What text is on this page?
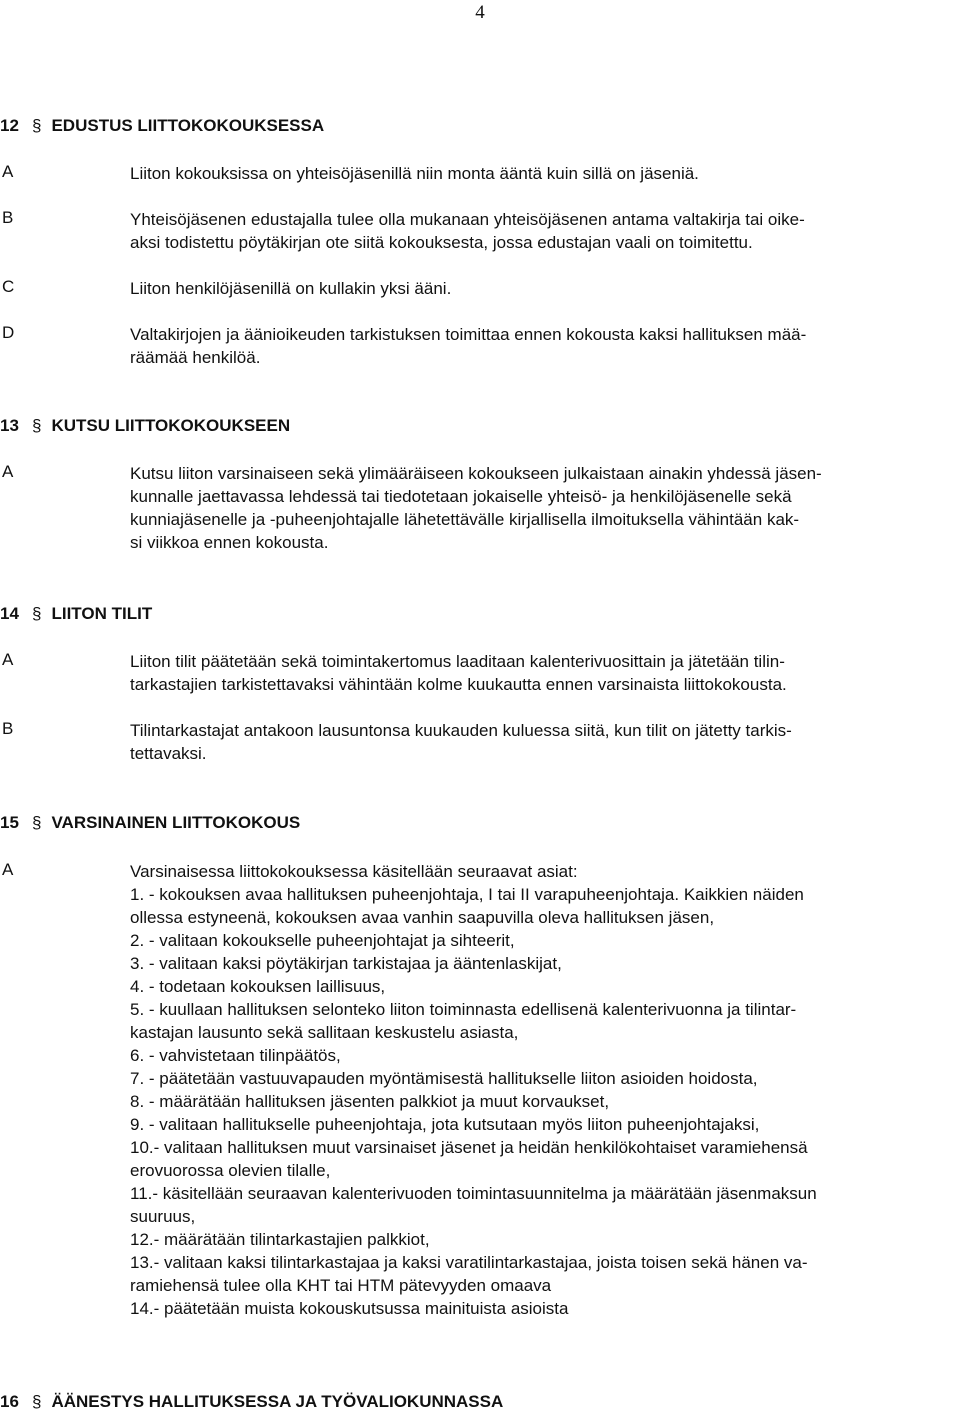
4
12 § EDUSTUS LIITTOKOKOUKSESSA
A	Liiton kokouksissa on yhteisöjäsenillä niin monta ääntä kuin sillä on jäseniä.
B	Yhteisöjäsenen edustajalla tulee olla mukanaan yhteisöjäsenen antama valtakirja tai oike-
aksi todistettu pöytäkirjan ote siitä kokouksesta, jossa edustajan vaali on toimitettu.
C	Liiton henkilöjäsenillä on kullakin yksi ääni.
D	Valtakirjojen ja äänioikeuden tarkistuksen toimittaa ennen kokousta kaksi hallituksen mää-
räämää henkilöä.
13 § KUTSU LIITTOKOKOUKSEEN
A	Kutsu liiton varsinaiseen sekä ylimääräiseen kokoukseen julkaistaan ainakin yhdessä jäsen-
kunnalle jaettavassa lehdessä tai tiedotetaan jokaiselle yhteisö- ja henkilöjäsenelle sekä
kunniajäsenelle ja -puheenjohtajalle lähetettävälle kirjallisella ilmoituksella vähintään kak-
si viikkoa ennen kokousta.
14 § LIITON TILIT
A	Liiton tilit päätetään sekä toimintakertomus laaditaan kalenterivuosittain ja jätetään tilin-
tarkastajien tarkistettavaksi vähintään kolme kuukautta ennen varsinaista liittokokousta.
B	Tilintarkastajat antakoon lausuntonsa kuukauden kuluessa siitä, kun tilit on jätetty tarkis-
tettavaksi.
15 § VARSINAINEN LIITTOKOKOUS
A	Varsinaisessa liittokokouksessa käsitellään seuraavat asiat:
1. - kokouksen avaa hallituksen puheenjohtaja, I tai II varapuheenjohtaja. Kaikkien näiden
ollessa estyneenä, kokouksen avaa vanhin saapuvilla oleva hallituksen jäsen,
2. - valitaan kokoukselle puheenjohtajat ja sihteerit,
3. - valitaan kaksi pöytäkirjan tarkistajaa ja ääntenlaskijat,
4. - todetaan kokouksen laillisuus,
5. - kuullaan hallituksen selonteko liiton toiminnasta edellisenä kalenterivuonna ja tilintar-
kastajan lausunto sekä sallitaan keskustelu asiasta,
6. - vahvistetaan tilinpäätös,
7. - päätetään vastuuvapauden myöntämisestä hallitukselle liiton asioiden hoidosta,
8. - määrätään hallituksen jäsenten palkkiot ja muut korvaukset,
9. - valitaan hallitukselle puheenjohtaja, jota kutsutaan myös liiton puheenjohtajaksi,
10.- valitaan hallituksen muut varsinaiset jäsenet ja heidän henkilökohtaiset varamiehensä
erovuorossa olevien tilalle,
11.- käsitellään seuraavan kalenterivuoden toimintasuunnitelma ja määrätään jäsenmaksun
suuruus,
12.- määrätään tilintarkastajien palkkiot,
13.- valitaan kaksi tilintarkastajaa ja kaksi varatilintarkastajaa, joista toisen sekä hänen va-
ramiehensä tulee olla KHT tai HTM pätevyyden omaava
14.- päätetään muista kokouskutsussa mainituista asioista
16 § ÄÄNESTYS HALLITUKSESSA JA TYÖVALIOKUNNASSA
